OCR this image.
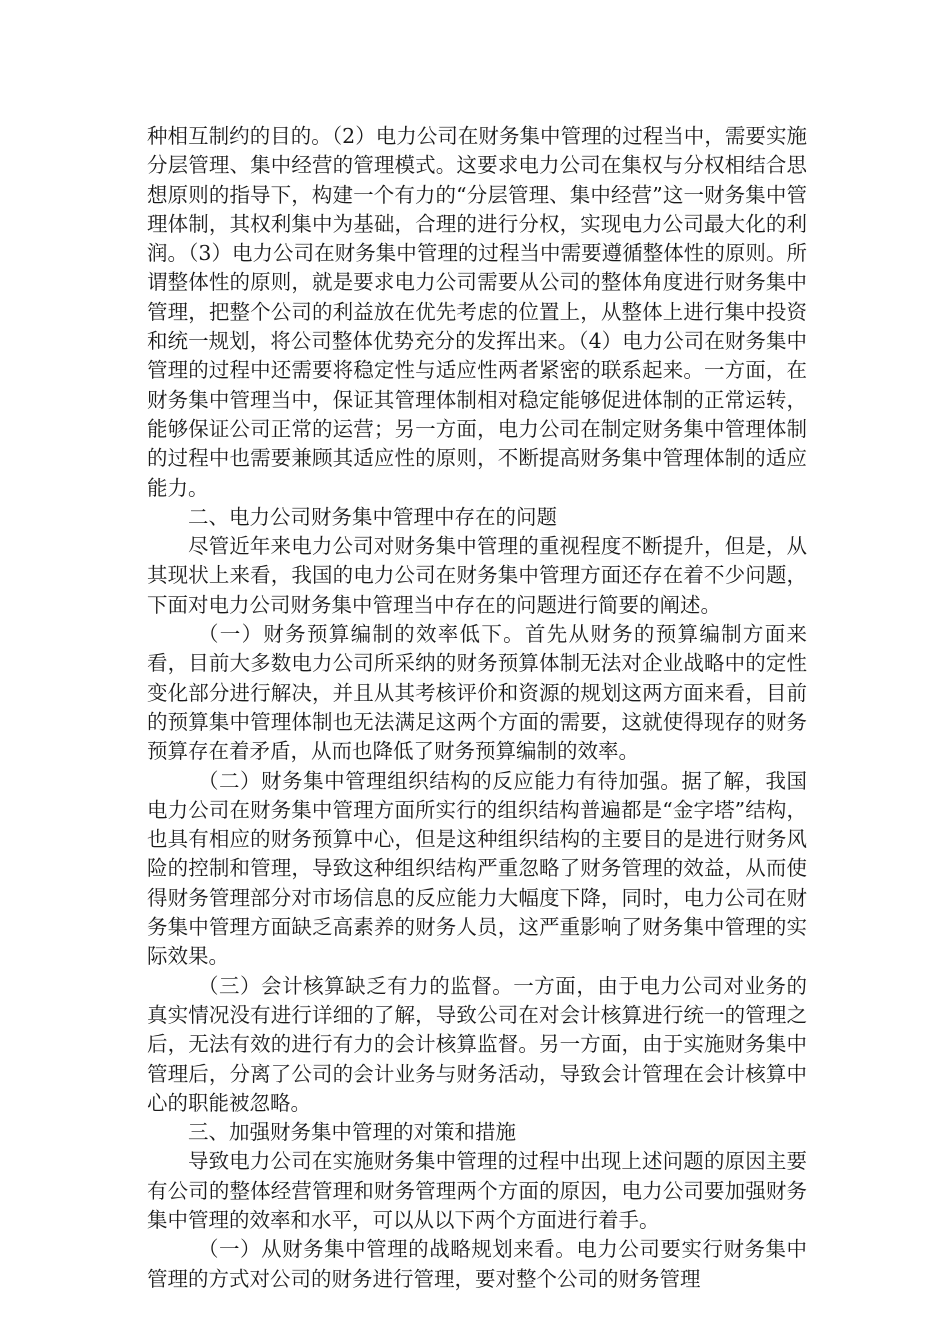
种相互制约的目的。（2）电力公司在财务集中管理的过程当中，需要实施分层管理、集中经营的管理模式。这要求电力公司在集权与分权相结合思想原则的指导下，构建一个有力的“分层管理、集中经营”这一财务集中管理体制，其权利集中为基础，合理的进行分权，实现电力公司最大化的利润。（3）电力公司在财务集中管理的过程当中需要遵循整体性的原则。所谓整体性的原则，就是要求电力公司需要从公司的整体角度进行财务集中管理，把整个公司的利益放在优先考虑的位置上，从整体上进行集中投资和统一规划，将公司整体优势充分的发挥出来。（4）电力公司在财务集中管理的过程中还需要将稳定性与适应性两者紧密的联系起来。一方面，在财务集中管理当中，保证其管理体制相对稳定能够促进体制的正常运转，能够保证公司正常的运营；另一方面，电力公司在制定财务集中管理体制的过程中也需要兼顾其适应性的原则，不断提高财务集中管理体制的适应能力。

二、电力公司财务集中管理中存在的问题

尽管近年来电力公司对财务集中管理的重视程度不断提升，但是，从其现状上来看，我国的电力公司在财务集中管理方面还存在着不少问题，下面对电力公司财务集中管理当中存在的问题进行简要的阐述。

（一）财务预算编制的效率低下。首先从财务的预算编制方面来看，目前大多数电力公司所采纳的财务预算体制无法对企业战略中的定性变化部分进行解决，并且从其考核评价和资源的规划这两方面来看，目前的预算集中管理体制也无法满足这两个方面的需要，这就使得现存的财务预算存在着矛盾，从而也降低了财务预算编制的效率。

（二）财务集中管理组织结构的反应能力有待加强。据了解，我国电力公司在财务集中管理方面所实行的组织结构普遍都是“金字塔”结构，也具有相应的财务预算中心，但是这种组织结构的主要目的是进行财务风险的控制和管理，导致这种组织结构严重忽略了财务管理的效益，从而使得财务管理部分对市场信息的反应能力大幅度下降，同时，电力公司在财务集中管理方面缺乏高素养的财务人员，这严重影响了财务集中管理的实际效果。

（三）会计核算缺乏有力的监督。一方面，由于电力公司对业务的真实情况没有进行详细的了解，导致公司在对会计核算进行统一的管理之后，无法有效的进行有力的会计核算监督。另一方面，由于实施财务集中管理后，分离了公司的会计业务与财务活动，导致会计管理在会计核算中心的职能被忽略。

三、加强财务集中管理的对策和措施

导致电力公司在实施财务集中管理的过程中出现上述问题的原因主要有公司的整体经营管理和财务管理两个方面的原因，电力公司要加强财务集中管理的效率和水平，可以从以下两个方面进行着手。

（一）从财务集中管理的战略规划来看。电力公司要实行财务集中管理的方式对公司的财务进行管理，要对整个公司的财务管理
